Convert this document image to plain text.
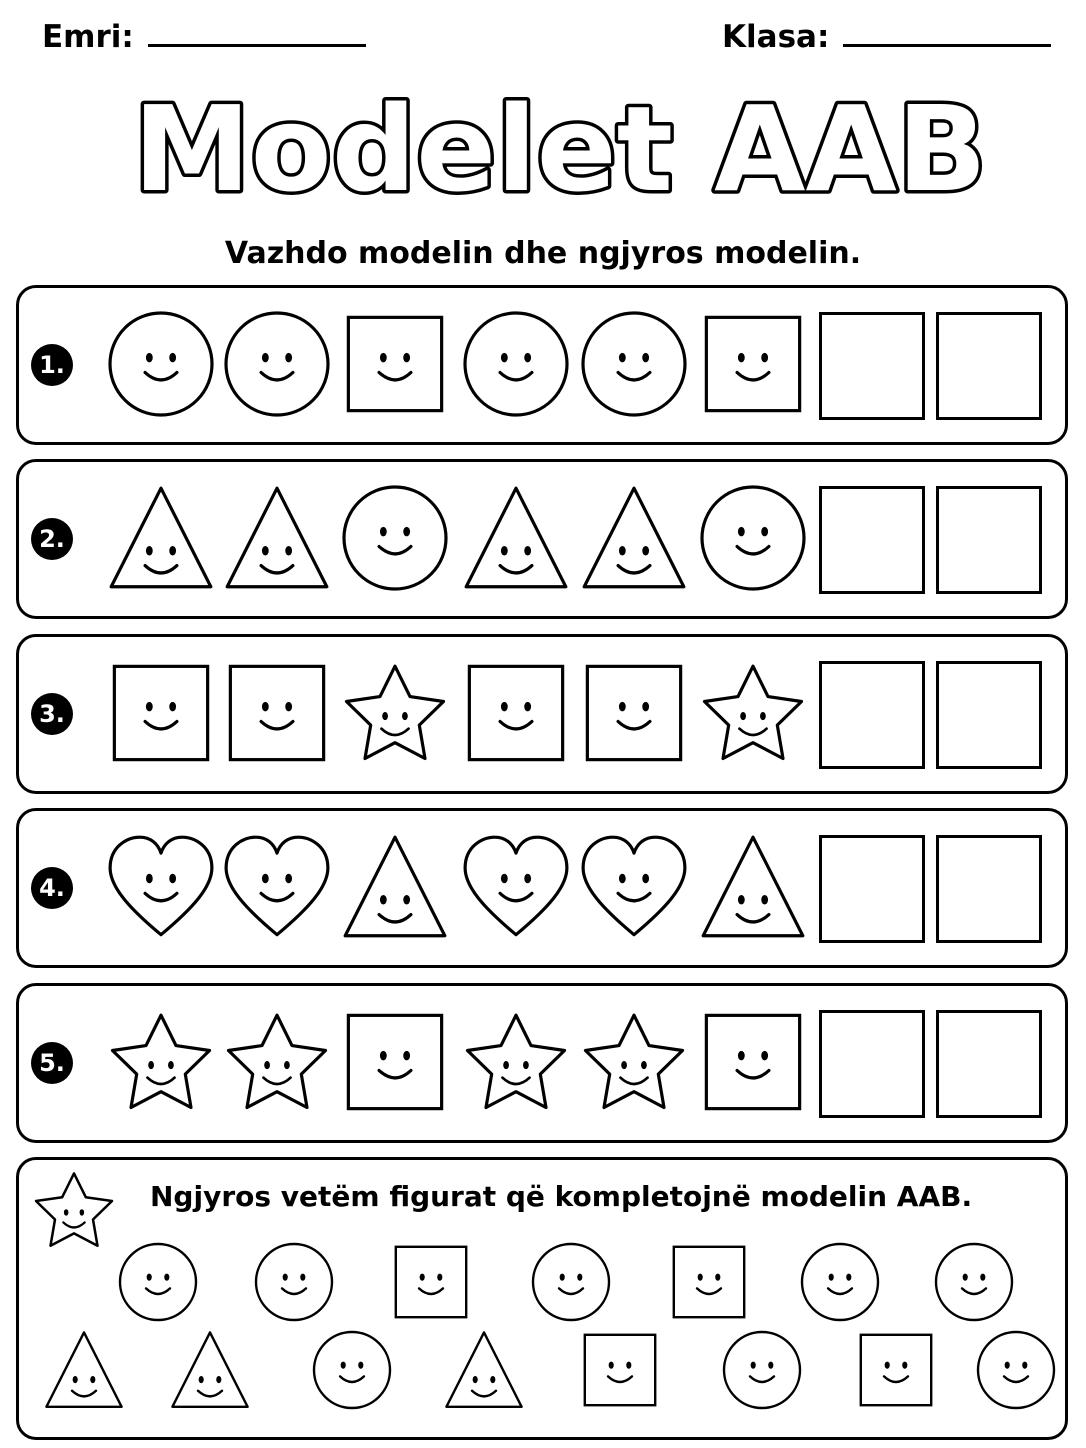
Emri:	Klasa:
Modelet AAB
Vazhdo modelin dhe ngjyros modelin.
1.
2.
3.
4.
5.
Ngjyros vetëm figurat që kompletojnë modelin AAB.
